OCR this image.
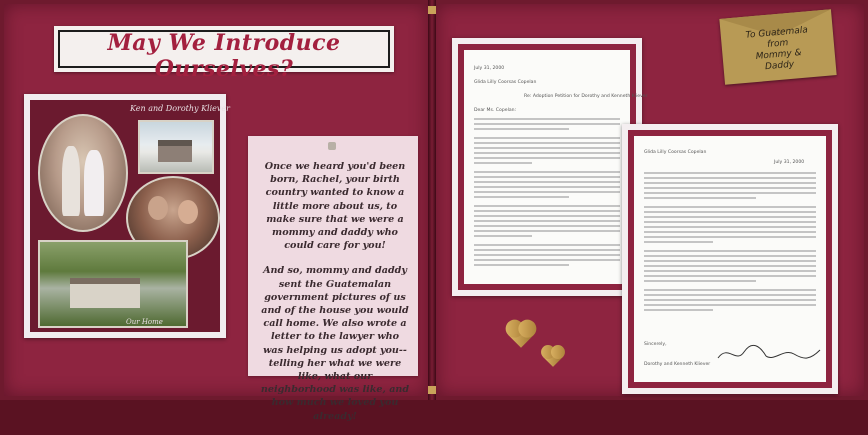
May We Introduce Ourselves?
Ken and Dorothy Kliever
Our Home

Once we heard you'd been born, Rachel, your birth country wanted to know a little more about us, to make sure that we were a mommy and daddy who could care for you!

And so, mommy and daddy sent the Guatemalan government pictures of us and of the house you would call home. We also wrote a letter to the lawyer who was helping us adopt you-- telling her what we were like, what our neighborhood was like, and how much we loved you already!

July 31, 2000
Glida Lilly Coorsas Copelan
Re: Adoption Petition for Dorothy and Kenneth Kliever
Dear Ms. Copelan:
To Guatemala
from
Mommy &
Daddy
Glida Lilly Coorsas Copelan
July 31, 2000
Sincerely,
Dorothy and Kenneth Kliever
